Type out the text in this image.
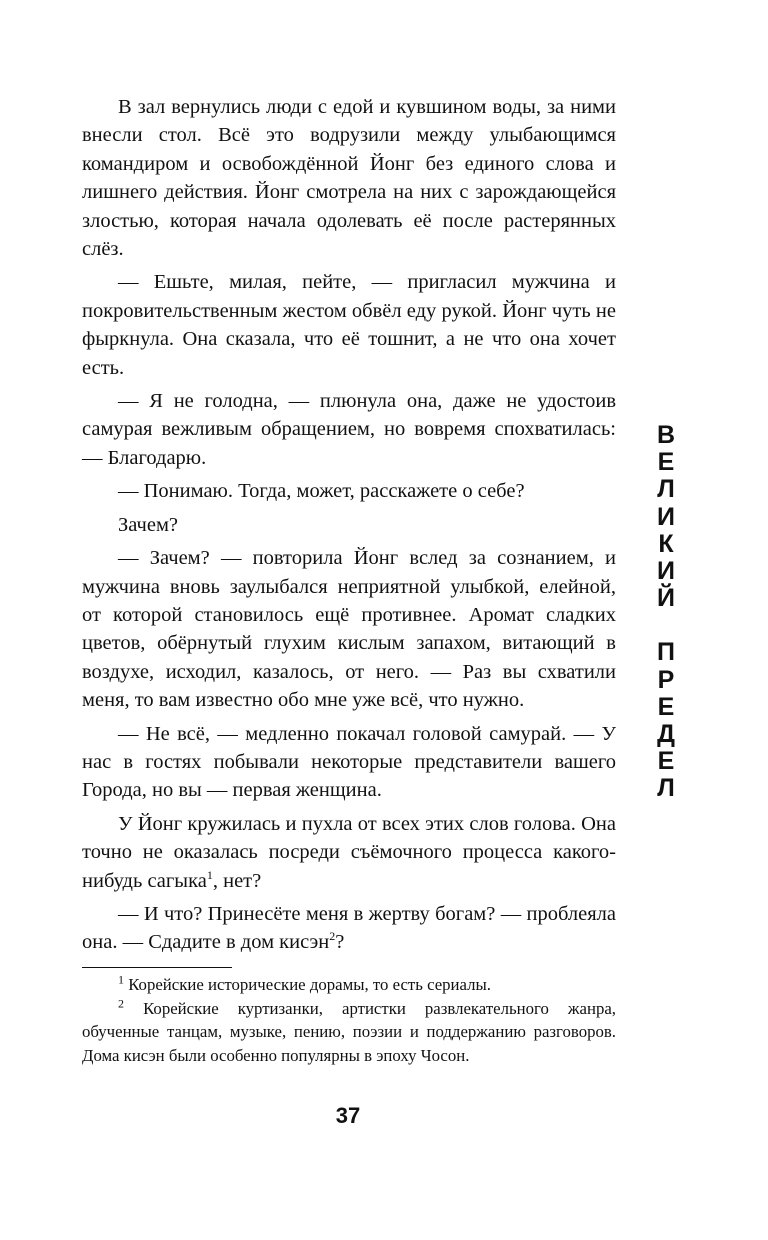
В зал вернулись люди с едой и кувшином воды, за ними внесли стол. Всё это водрузили между улыбающимся командиром и освобождённой Йонг без единого слова и лишнего действия. Йонг смотрела на них с зарождающейся злостью, которая начала одолевать её после растерянных слёз.

— Ешьте, милая, пейте, — пригласил мужчина и покровительственным жестом обвёл еду рукой. Йонг чуть не фыркнула. Она сказала, что её тошнит, а не что она хочет есть.

— Я не голодна, — плюнула она, даже не удостоив самурая вежливым обращением, но вовремя спохватилась: — Благодарю.

— Понимаю. Тогда, может, расскажете о себе?

Зачем?

— Зачем? — повторила Йонг вслед за сознанием, и мужчина вновь заулыбался неприятной улыбкой, елейной, от которой становилось ещё противнее. Аромат сладких цветов, обёрнутый глухим кислым запахом, витающий в воздухе, исходил, казалось, от него. — Раз вы схватили меня, то вам известно обо мне уже всё, что нужно.

— Не всё, — медленно покачал головой самурай. — У нас в гостях побывали некоторые представители вашего Города, но вы — первая женщина.

У Йонг кружилась и пухла от всех этих слов голова. Она точно не оказалась посреди съёмочного процесса какого-нибудь сагыка$^1$, нет?

— И что? Принесёте меня в жертву богам? — проблеяла она. — Сдадите в дом кисэн$^2$?

$^1$ Корейские исторические дорамы, то есть сериалы.

$^2$ Корейские куртизанки, артистки развлекательного жанра, обученные танцам, музыке, пению, поэзии и поддержанию разговоров. Дома кисэн были особенно популярны в эпоху Чосон.

37
В
Е
Л
И
К
И
Й
П
Р
Е
Д
Е
Л
